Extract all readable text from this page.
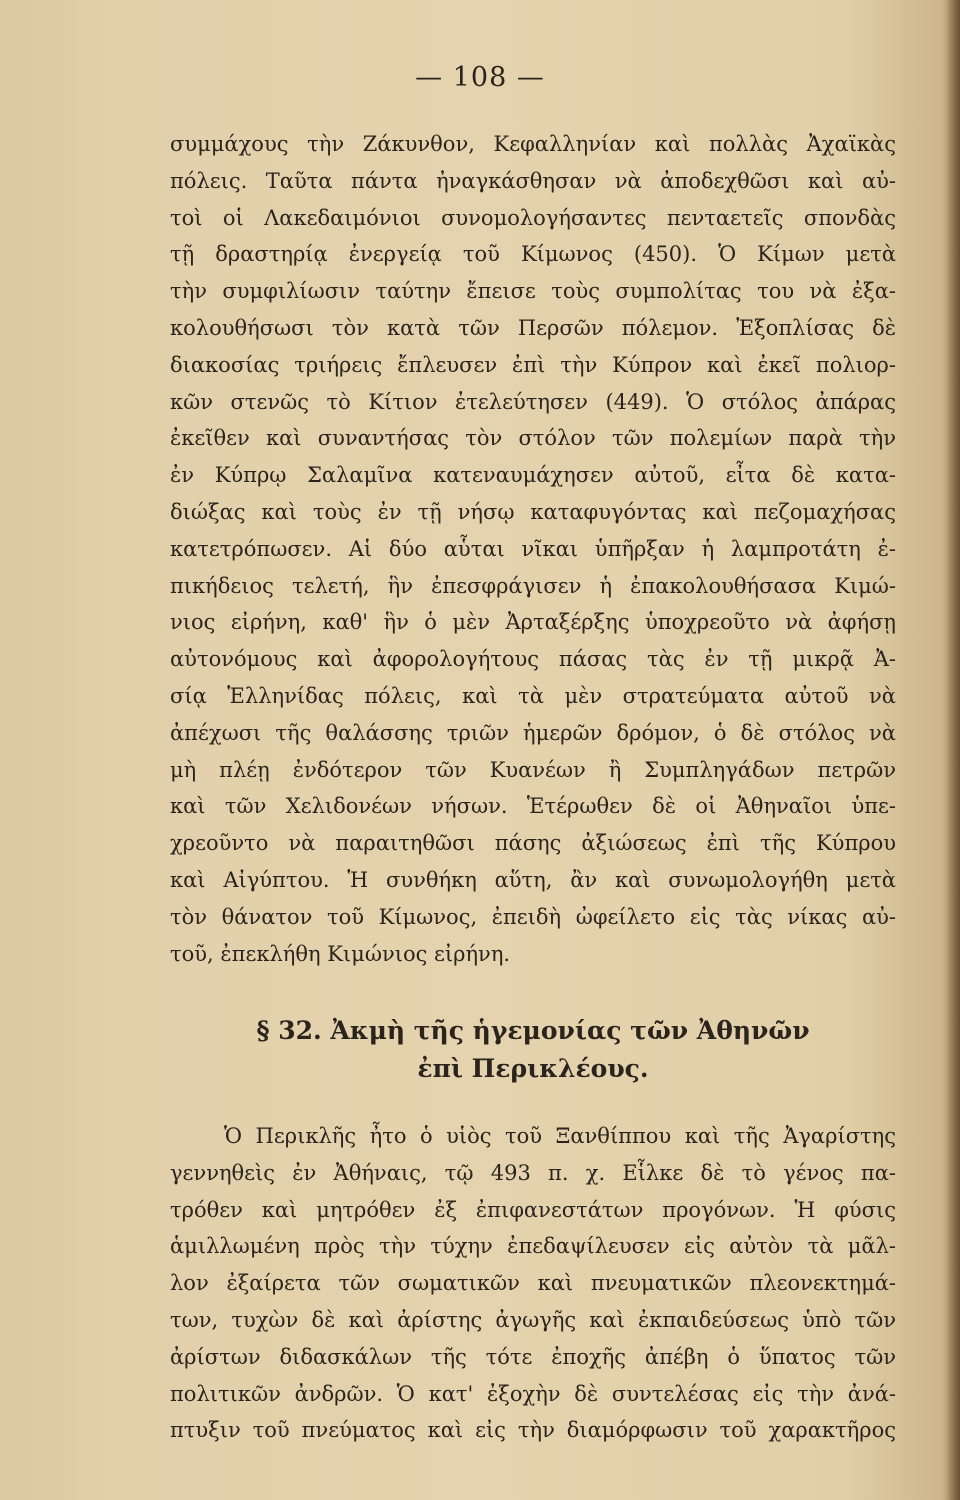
— 108 —
συμμάχους τὴν Ζάκυνθον, Κεφαλληνίαν καὶ πολλὰς Ἀχαϊκὰς
πόλεις. Ταῦτα πάντα ἠναγκάσθησαν νὰ ἀποδεχθῶσι καὶ αὐ-
τοὶ οἱ Λακεδαιμόνιοι συνομολογήσαντες πενταετεῖς σπονδὰς
τῇ δραστηρίᾳ ἐνεργείᾳ τοῦ Κίμωνος (450). Ὁ Κίμων μετὰ
τὴν συμφιλίωσιν ταύτην ἔπεισε τοὺς συμπολίτας του νὰ ἐξα-
κολουθήσωσι τὸν κατὰ τῶν Περσῶν πόλεμον. Ἐξοπλίσας δὲ
διακοσίας τριήρεις ἔπλευσεν ἐπὶ τὴν Κύπρον καὶ ἐκεῖ πολιορ-
κῶν στενῶς τὸ Κίτιον ἐτελεύτησεν (449). Ὁ στόλος ἀπάρας
ἐκεῖθεν καὶ συναντήσας τὸν στόλον τῶν πολεμίων παρὰ τὴν
ἐν Κύπρῳ Σαλαμῖνα κατεναυμάχησεν αὐτοῦ, εἶτα δὲ κατα-
διώξας καὶ τοὺς ἐν τῇ νήσῳ καταφυγόντας καὶ πεζομαχήσας
κατετρόπωσεν. Αἱ δύο αὗται νῖκαι ὑπῆρξαν ἡ λαμπροτάτη ἐ-
πικήδειος τελετή, ἣν ἐπεσφράγισεν ἡ ἐπακολουθήσασα Κιμώ-
νιος εἰρήνη, καθ' ἣν ὁ μὲν Ἀρταξέρξης ὑποχρεοῦτο νὰ ἀφήσῃ
αὐτονόμους καὶ ἀφορολογήτους πάσας τὰς ἐν τῇ μικρᾷ Ἀ-
σίᾳ Ἑλληνίδας πόλεις, καὶ τὰ μὲν στρατεύματα αὐτοῦ νὰ
ἀπέχωσι τῆς θαλάσσης τριῶν ἡμερῶν δρόμον, ὁ δὲ στόλος νὰ
μὴ πλέῃ ἐνδότερον τῶν Κυανέων ἢ Συμπληγάδων πετρῶν
καὶ τῶν Χελιδονέων νήσων. Ἑτέρωθεν δὲ οἱ Ἀθηναῖοι ὑπε-
χρεοῦντο νὰ παραιτηθῶσι πάσης ἀξιώσεως ἐπὶ τῆς Κύπρου
καὶ Αἰγύπτου. Ἡ συνθήκη αὕτη, ἂν καὶ συνωμολογήθη μετὰ
τὸν θάνατον τοῦ Κίμωνος, ἐπειδὴ ὠφείλετο εἰς τὰς νίκας αὐ-
τοῦ, ἐπεκλήθη Κιμώνιος εἰρήνη.
§ 32. Ἀκμὴ τῆς ἡγεμονίας τῶν Ἀθηνῶν
ἐπὶ Περικλέους.
Ὁ Περικλῆς ἦτο ὁ υἱὸς τοῦ Ξανθίππου καὶ τῆς Ἀγαρίστης
γεννηθεὶς ἐν Ἀθήναις, τῷ 493 π. χ. Εἷλκε δὲ τὸ γένος πα-
τρόθεν καὶ μητρόθεν ἐξ ἐπιφανεστάτων προγόνων. Ἡ φύσις
ἁμιλλωμένη πρὸς τὴν τύχην ἐπεδαψίλευσεν εἰς αὐτὸν τὰ μᾶλ-
λον ἐξαίρετα τῶν σωματικῶν καὶ πνευματικῶν πλεονεκτημά-
των, τυχὼν δὲ καὶ ἀρίστης ἀγωγῆς καὶ ἐκπαιδεύσεως ὑπὸ τῶν
ἀρίστων διδασκάλων τῆς τότε ἐποχῆς ἀπέβη ὁ ὕπατος τῶν
πολιτικῶν ἀνδρῶν. Ὁ κατ' ἐξοχὴν δὲ συντελέσας εἰς τὴν ἀνά-
πτυξιν τοῦ πνεύματος καὶ εἰς τὴν διαμόρφωσιν τοῦ χαρακτῆρος
